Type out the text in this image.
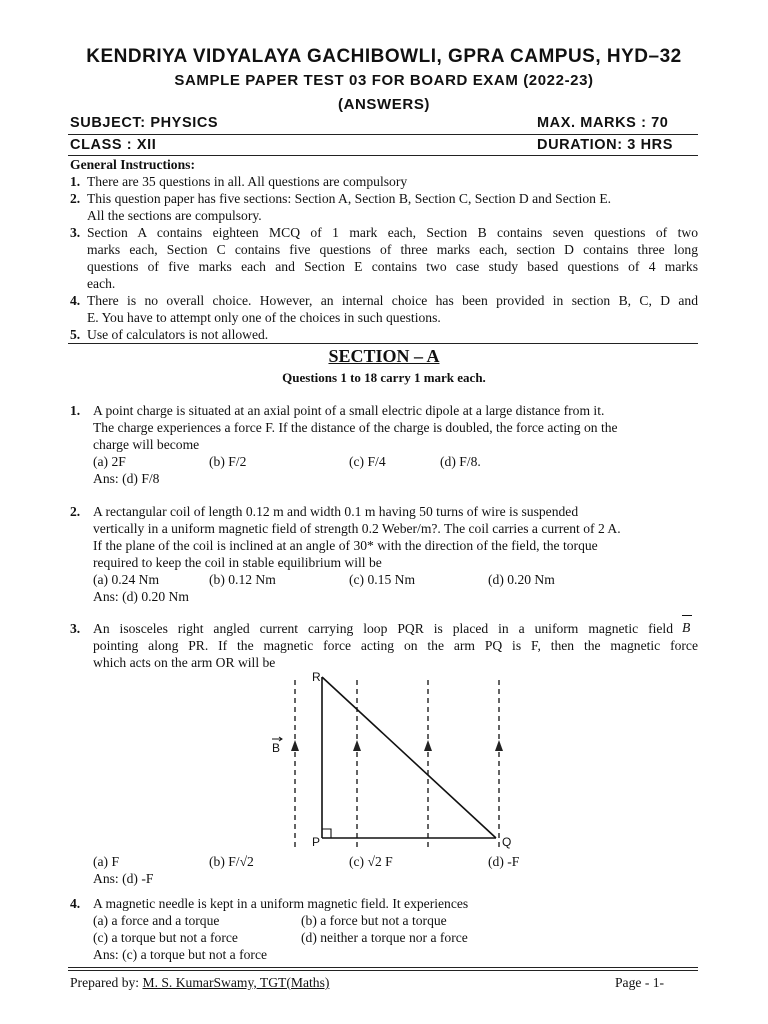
KENDRIYA VIDYALAYA GACHIBOWLI, GPRA CAMPUS, HYD–32
SAMPLE PAPER TEST 03 FOR BOARD EXAM (2022-23)
(ANSWERS)
SUBJECT: PHYSICS	MAX. MARKS : 70
CLASS : XII	DURATION: 3 HRS
General Instructions:
1. There are 35 questions in all. All questions are compulsory
2. This question paper has five sections: Section A, Section B, Section C, Section D and Section E.
All the sections are compulsory.
3. Section A contains eighteen MCQ of 1 mark each, Section B contains seven questions of two
marks each, Section C contains five questions of three marks each, section D contains three long
questions of five marks each and Section E contains two case study based questions of 4 marks
each.
4. There is no overall choice. However, an internal choice has been provided in section B, C, D and
E. You have to attempt only one of the choices in such questions.
5. Use of calculators is not allowed.
SECTION – A
Questions 1 to 18 carry 1 mark each.
1. A point charge is situated at an axial point of a small electric dipole at a large distance from it.
The charge experiences a force F. If the distance of the charge is doubled, the force acting on the
charge will become
(a) 2F	(b) F/2	(c) F/4	(d) F/8.
Ans: (d) F/8
2. A rectangular coil of length 0.12 m and width 0.1 m having 50 turns of wire is suspended
vertically in a uniform magnetic field of strength 0.2 Weber/m?. The coil carries a current of 2 A.
If the plane of the coil is inclined at an angle of 30* with the direction of the field, the torque
required to keep the coil in stable equilibrium will be
(a) 0.24 Nm	(b) 0.12 Nm	(c) 0.15 Nm	(d) 0.20 Nm
Ans: (d) 0.20 Nm
3. An isosceles right angled current carrying loop PQR is placed in a uniform magnetic field B
pointing along PR. If the magnetic force acting on the arm PQ is F, then the magnetic force
which acts on the arm OR will be
R
P	Q
B
(a) F	(b) F/√2	(c) √2 F	(d) -F
Ans: (d) -F
4. A magnetic needle is kept in a uniform magnetic field. It experiences
(a) a force and a torque	(b) a force but not a torque
(c) a torque but not a force	(d) neither a torque nor a force
Ans: (c) a torque but not a force
Prepared by: M. S. KumarSwamy, TGT(Maths)	Page - 1-
